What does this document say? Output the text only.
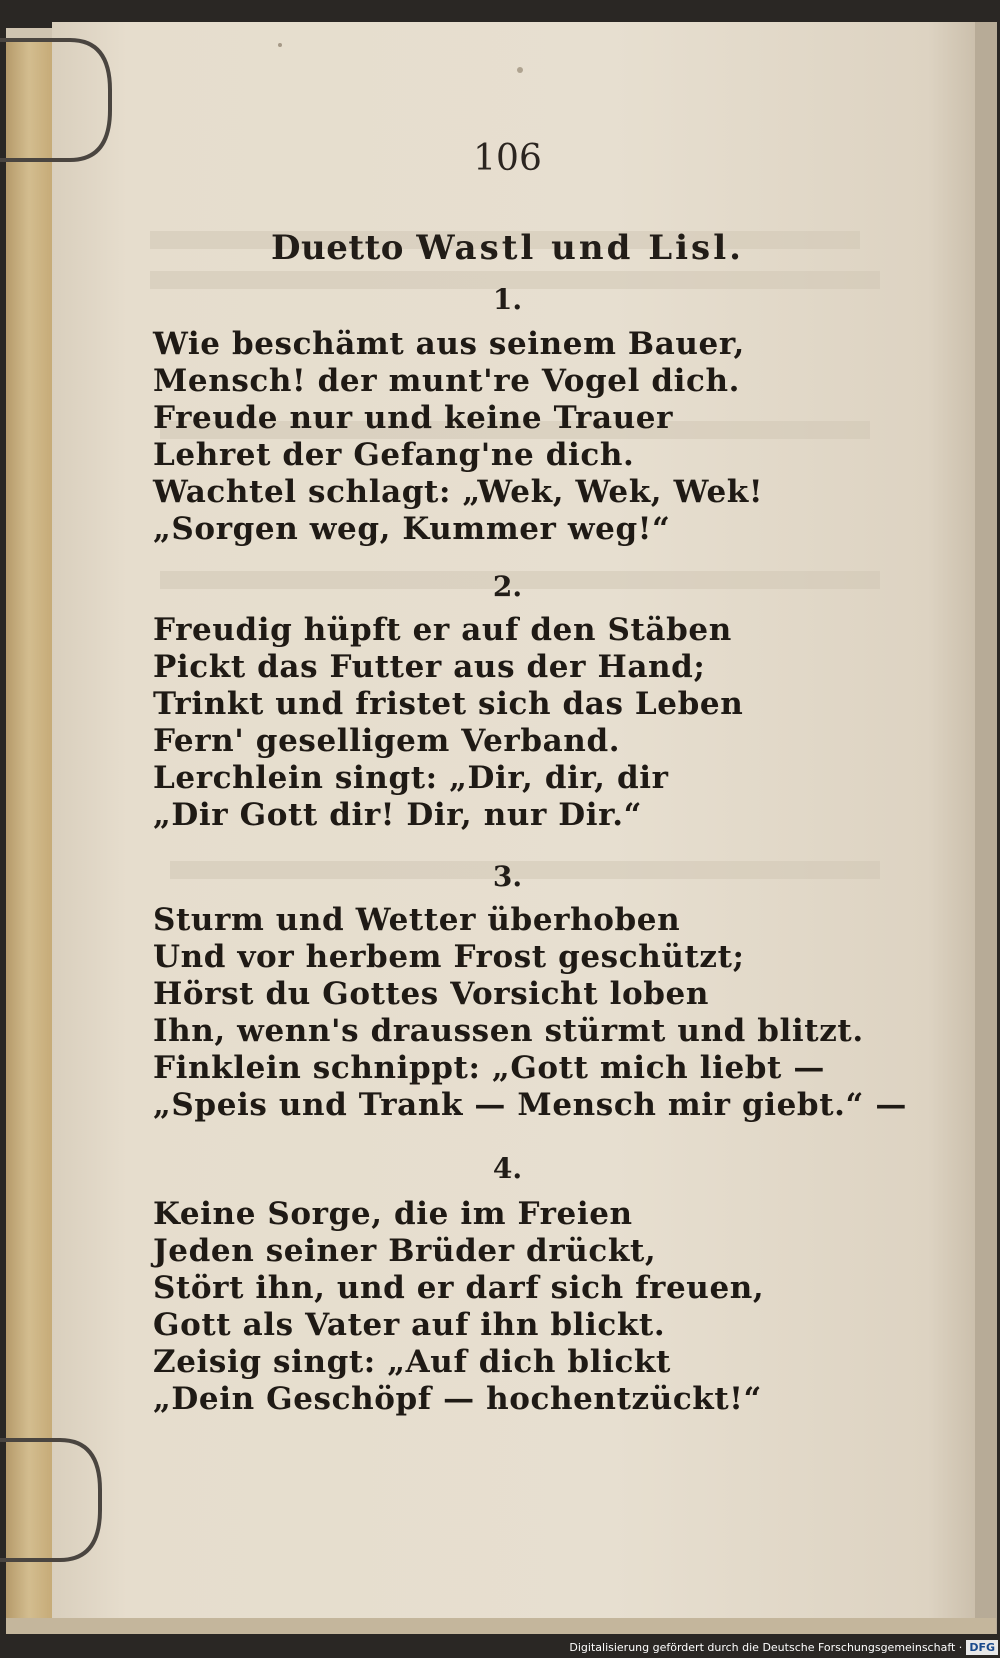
106
Duetto Wastl und Lisl.
1.
Wie beschämt aus seinem Bauer,
Mensch! der munt're Vogel dich.
Freude nur und keine Trauer
Lehret der Gefang'ne dich.
Wachtel schlagt: „Wek, Wek, Wek!
„Sorgen weg, Kummer weg!“
2.
Freudig hüpft er auf den Stäben
Pickt das Futter aus der Hand;
Trinkt und fristet sich das Leben
Fern' geselligem Verband.
Lerchlein singt: „Dir, dir, dir
„Dir Gott dir! Dir, nur Dir.“
3.
Sturm und Wetter überhoben
Und vor herbem Frost geschützt;
Hörst du Gottes Vorsicht loben
Ihn, wenn's draussen stürmt und blitzt.
Finklein schnippt: „Gott mich liebt —
„Speis und Trank — Mensch mir giebt.“ —
4.
Keine Sorge, die im Freien
Jeden seiner Brüder drückt,
Stört ihn, und er darf sich freuen,
Gott als Vater auf ihn blickt.
Zeisig singt: „Auf dich blickt
„Dein Geschöpf — hochentzückt!“
Digitalisierung gefördert durch die Deutsche Forschungsgemeinschaft · DFG
